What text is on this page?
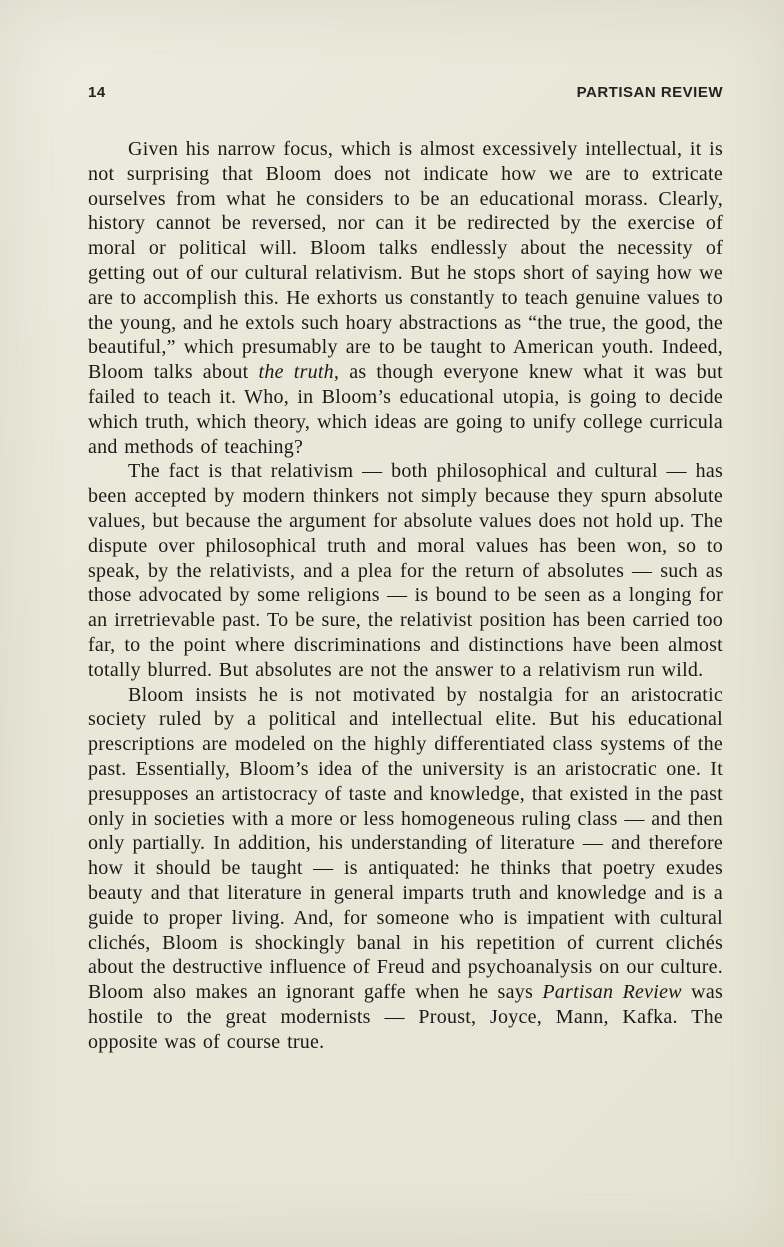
14	PARTISAN REVIEW

Given his narrow focus, which is almost excessively intellectual, it is not surprising that Bloom does not indicate how we are to extricate ourselves from what he considers to be an educational morass. Clearly, history cannot be reversed, nor can it be redirected by the exercise of moral or political will. Bloom talks endlessly about the necessity of getting out of our cultural relativism. But he stops short of saying how we are to accomplish this. He exhorts us constantly to teach genuine values to the young, and he extols such hoary abstractions as “the true, the good, the beautiful,” which presumably are to be taught to American youth. Indeed, Bloom talks about the truth, as though everyone knew what it was but failed to teach it. Who, in Bloom’s educational utopia, is going to decide which truth, which theory, which ideas are going to unify college curricula and methods of teaching?

The fact is that relativism — both philosophical and cultural — has been accepted by modern thinkers not simply because they spurn absolute values, but because the argument for absolute values does not hold up. The dispute over philosophical truth and moral values has been won, so to speak, by the relativists, and a plea for the return of absolutes — such as those advocated by some religions — is bound to be seen as a longing for an irretrievable past. To be sure, the relativist position has been carried too far, to the point where discriminations and distinctions have been almost totally blurred. But absolutes are not the answer to a relativism run wild.

Bloom insists he is not motivated by nostalgia for an aristocratic society ruled by a political and intellectual elite. But his educational prescriptions are modeled on the highly differentiated class systems of the past. Essentially, Bloom’s idea of the university is an aristocratic one. It presupposes an artistocracy of taste and knowledge, that existed in the past only in societies with a more or less homogeneous ruling class — and then only partially. In addition, his understanding of literature — and therefore how it should be taught — is antiquated: he thinks that poetry exudes beauty and that literature in general imparts truth and knowledge and is a guide to proper living. And, for someone who is impatient with cultural clichés, Bloom is shockingly banal in his repetition of current clichés about the destructive influence of Freud and psychoanalysis on our culture. Bloom also makes an ignorant gaffe when he says Partisan Review was hostile to the great modernists — Proust, Joyce, Mann, Kafka. The opposite was of course true.
